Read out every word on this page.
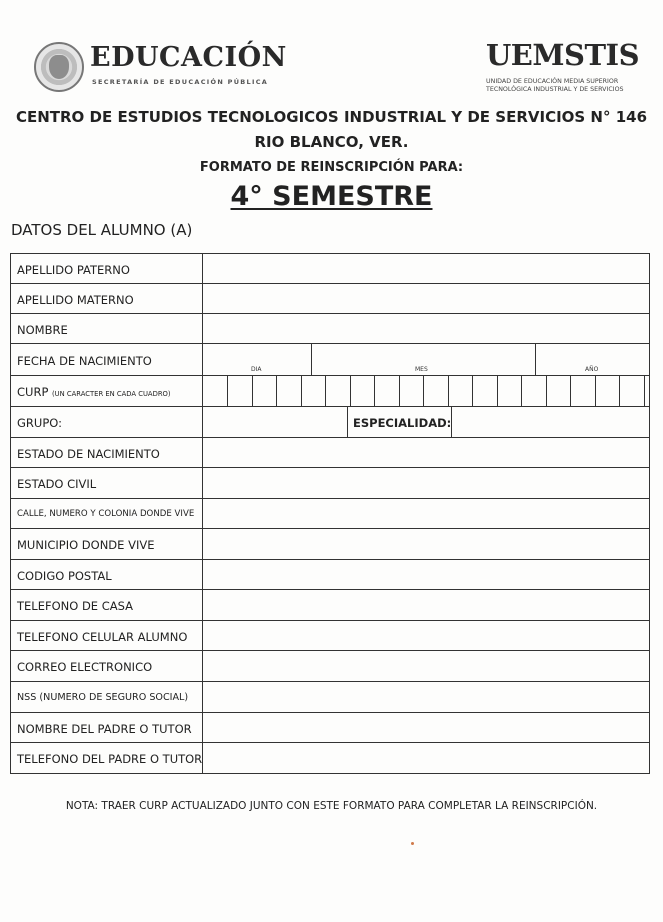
EDUCACIÓN
SECRETARÍA DE EDUCACIÓN PÚBLICA
UEMSTIS
UNIDAD DE EDUCACIÓN MEDIA SUPERIOR
TECNOLÓGICA INDUSTRIAL Y DE SERVICIOS
CENTRO DE ESTUDIOS TECNOLOGICOS INDUSTRIAL Y DE SERVICIOS N° 146
RIO BLANCO, VER.
FORMATO DE REINSCRIPCIÓN PARA:
4° SEMESTRE
DATOS DEL ALUMNO (A)
APELLIDO PATERNO
APELLIDO MATERNO
NOMBRE
FECHA DE NACIMIENTO
DIA	MES	AÑO
CURP (UN CARACTER EN CADA CUADRO)
GRUPO:	ESPECIALIDAD:
ESTADO DE NACIMIENTO
ESTADO CIVIL
CALLE, NUMERO Y COLONIA DONDE VIVE
MUNICIPIO DONDE VIVE
CODIGO POSTAL
TELEFONO DE CASA
TELEFONO CELULAR ALUMNO
CORREO ELECTRONICO
NSS (NUMERO DE SEGURO SOCIAL)
NOMBRE DEL PADRE O TUTOR
TELEFONO DEL PADRE O TUTOR
NOTA: TRAER CURP ACTUALIZADO JUNTO CON ESTE FORMATO PARA COMPLETAR LA REINSCRIPCIÓN.
